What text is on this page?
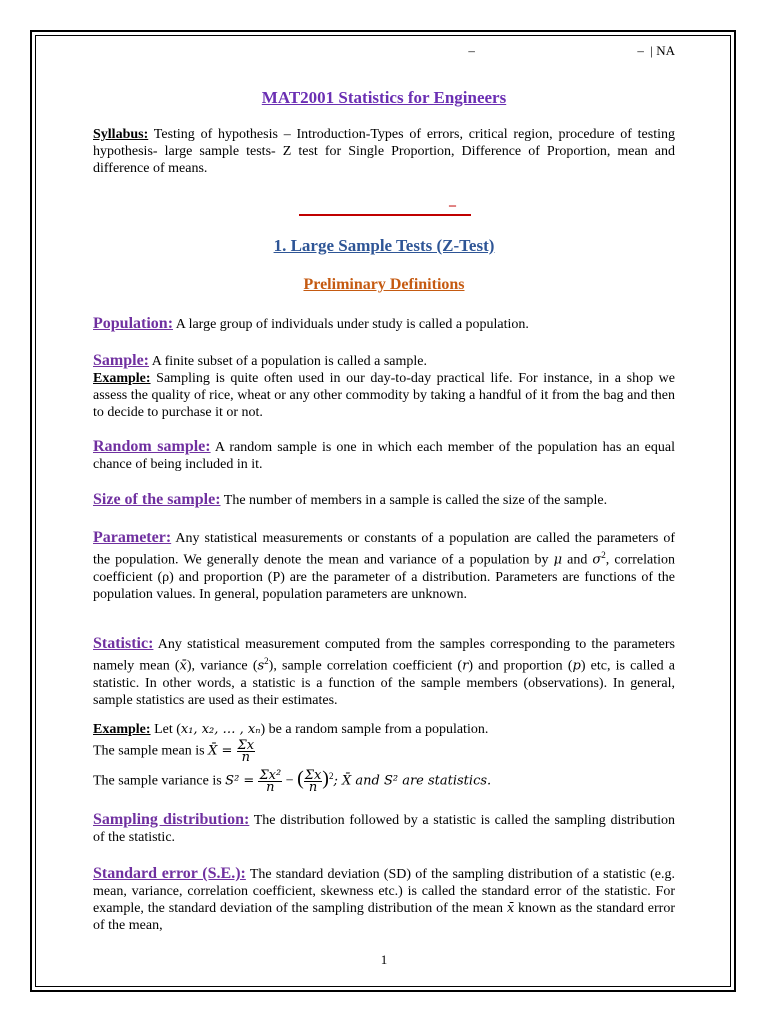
–                                                  –  | NA
MAT2001 Statistics for Engineers
Syllabus: Testing of hypothesis – Introduction-Types of errors, critical region, procedure of testing hypothesis- large sample tests- Z test for Single Proportion, Difference of Proportion, mean and difference of means.
–
1. Large Sample Tests (Z-Test)
Preliminary Definitions
Population: A large group of individuals under study is called a population.
Sample: A finite subset of a population is called a sample.
Example: Sampling is quite often used in our day-to-day practical life. For instance, in a shop we assess the quality of rice, wheat or any other commodity by taking a handful of it from the bag and then to decide to purchase it or not.
Random sample: A random sample is one in which each member of the population has an equal chance of being included in it.
Size of the sample: The number of members in a sample is called the size of the sample.
Parameter: Any statistical measurements or constants of a population are called the parameters of the population. We generally denote the mean and variance of a population by μ and $\sigma^2$, correlation coefficient (ρ) and proportion (P) are the parameter of a distribution. Parameters are functions of the population values. In general, population parameters are unknown.
Statistic: Any statistical measurement computed from the samples corresponding to the parameters namely mean (x̄), variance $(s^2)$, sample correlation coefficient (r) and proportion (p) etc, is called a statistic. In other words, a statistic is a function of the sample members (observations). In general, sample statistics are used as their estimates.
Example: Let (x₁, x₂, … , xₙ) be a random sample from a population.
The sample mean is X̄ = $\frac{\Sigma x}{n}$
The sample variance is $S^2 = \frac{\text{Σx²}}{n}$ − ( $\frac{\Sigma x}{n} )^2$; X̄ and S² are statistics.
Sampling distribution: The distribution followed by a statistic is called the sampling distribution of the statistic.
Standard error (S.E.): The standard deviation (SD) of the sampling distribution of a statistic (e.g. mean, variance, correlation coefficient, skewness etc.) is called the standard error of the statistic. For example, the standard deviation of the sampling distribution of the mean x̄ known as the standard error of the mean,
1
